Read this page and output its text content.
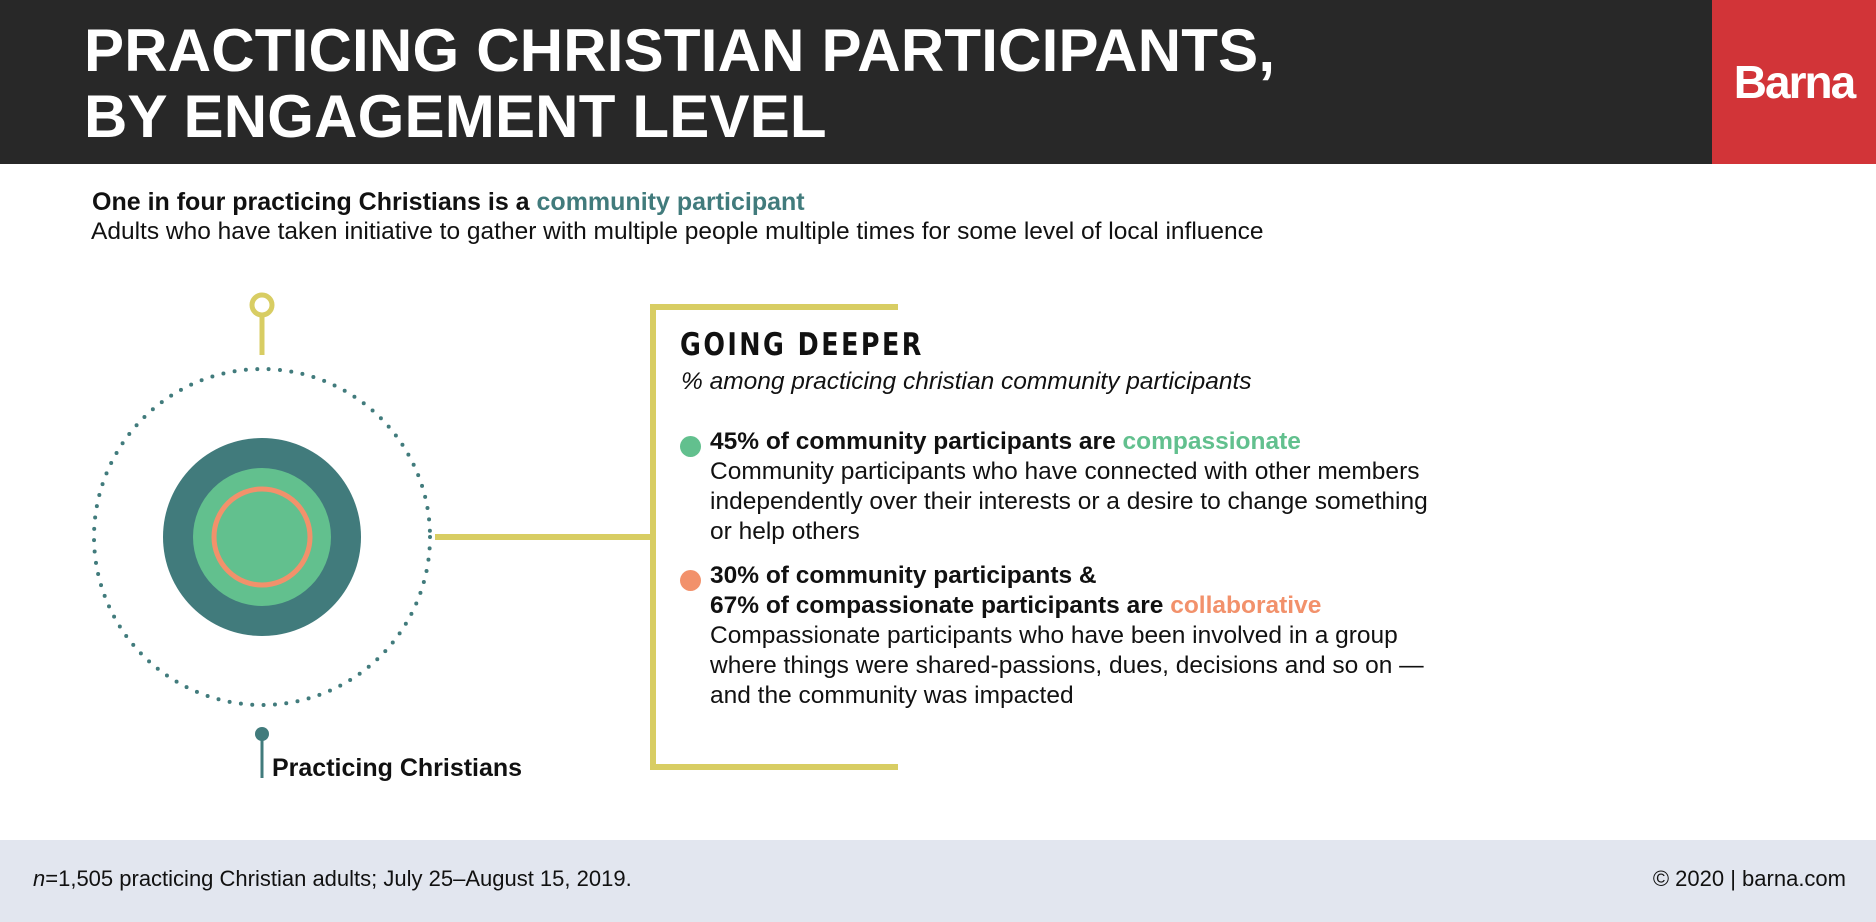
PRACTICING CHRISTIAN PARTICIPANTS,
BY ENGAGEMENT LEVEL
Barna
One in four practicing Christians is a community participant
Adults who have taken initiative to gather with multiple people multiple times for some level of local influence
Practicing Christians
GOING DEEPER
% among practicing christian community participants
45% of community participants are compassionate
Community participants who have connected with other members independently over their interests or a desire to change something or help others
30% of community participants &
67% of compassionate participants are collaborative
Compassionate participants who have been involved in a group where things were shared-passions, dues, decisions and so on — and the community was impacted
n=1,505 practicing Christian adults; July 25–August 15, 2019.	© 2020 | barna.com
